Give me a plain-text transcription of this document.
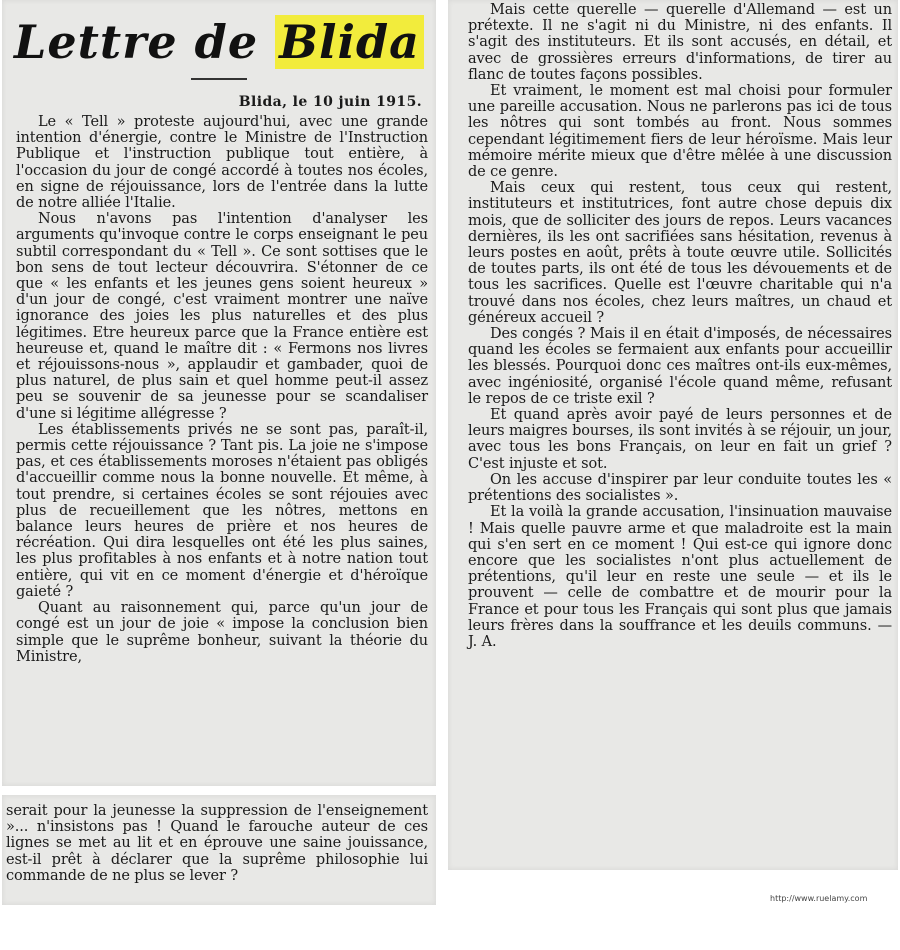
Lettre de Blida
Blida, le 10 juin 1915.

Le « Tell » proteste aujourd'hui, avec une grande intention d'énergie, contre le Ministre de l'Instruction Publique et l'instruction publique tout entière, à l'occasion du jour de congé accordé à toutes nos écoles, en signe de réjouissance, lors de l'entrée dans la lutte de notre alliée l'Italie.

Nous n'avons pas l'intention d'analyser les arguments qu'invoque contre le corps enseignant le peu subtil correspondant du « Tell ». Ce sont sottises que le bon sens de tout lecteur découvrira. S'étonner de ce que « les enfants et les jeunes gens soient heureux » d'un jour de congé, c'est vraiment montrer une naïve ignorance des joies les plus naturelles et des plus légitimes. Etre heureux parce que la France entière est heureuse et, quand le maître dit : « Fermons nos livres et réjouissons-nous », applaudir et gambader, quoi de plus naturel, de plus sain et quel homme peut-il assez peu se souvenir de sa jeunesse pour se scandaliser d'une si légitime allégresse ?

Les établissements privés ne se sont pas, paraît-il, permis cette réjouissance ? Tant pis. La joie ne s'impose pas, et ces établissements moroses n'étaient pas obligés d'accueillir comme nous la bonne nouvelle. Et même, à tout prendre, si certaines écoles se sont réjouies avec plus de recueillement que les nôtres, mettons en balance leurs heures de prière et nos heures de récréation. Qui dira lesquelles ont été les plus saines, les plus profitables à nos enfants et à notre nation tout entière, qui vit en ce moment d'énergie et d'héroïque gaieté ?

Quant au raisonnement qui, parce qu'un jour de congé est un jour de joie « impose la conclusion bien simple que le suprême bonheur, suivant la théorie du Ministre,

serait pour la jeunesse la suppression de l'enseignement »... n'insistons pas ! Quand le farouche auteur de ces lignes se met au lit et en éprouve une saine jouissance, est-il prêt à déclarer que la suprême philosophie lui commande de ne plus se lever ?

Mais cette querelle — querelle d'Allemand — est un prétexte. Il ne s'agit ni du Ministre, ni des enfants. Il s'agit des instituteurs. Et ils sont accusés, en détail, et avec de grossières erreurs d'informations, de tirer au flanc de toutes façons possibles.

Et vraiment, le moment est mal choisi pour formuler une pareille accusation. Nous ne parlerons pas ici de tous les nôtres qui sont tombés au front. Nous sommes cependant légitimement fiers de leur héroïsme. Mais leur mémoire mérite mieux que d'être mêlée à une discussion de ce genre.

Mais ceux qui restent, tous ceux qui restent, instituteurs et institutrices, font autre chose depuis dix mois, que de solliciter des jours de repos. Leurs vacances dernières, ils les ont sacrifiées sans hésitation, revenus à leurs postes en août, prêts à toute œuvre utile. Sollicités de toutes parts, ils ont été de tous les dévouements et de tous les sacrifices. Quelle est l'œuvre charitable qui n'a trouvé dans nos écoles, chez leurs maîtres, un chaud et généreux accueil ?

Des congés ? Mais il en était d'imposés, de nécessaires quand les écoles se fermaient aux enfants pour accueillir les blessés. Pourquoi donc ces maîtres ont-ils eux-mêmes, avec ingéniosité, organisé l'école quand même, refusant le repos de ce triste exil ?

Et quand après avoir payé de leurs personnes et de leurs maigres bourses, ils sont invités à se réjouir, un jour, avec tous les bons Français, on leur en fait un grief ? C'est injuste et sot.

On les accuse d'inspirer par leur conduite toutes les « prétentions des socialistes ».

Et la voilà la grande accusation, l'insinuation mauvaise ! Mais quelle pauvre arme et que maladroite est la main qui s'en sert en ce moment ! Qui est-ce qui ignore donc encore que les socialistes n'ont plus actuellement de prétentions, qu'il leur en reste une seule — et ils le prouvent — celle de combattre et de mourir pour la France et pour tous les Français qui sont plus que jamais leurs frères dans la souffrance et les deuils communs. — J. A.

http://www.ruelamy.com
